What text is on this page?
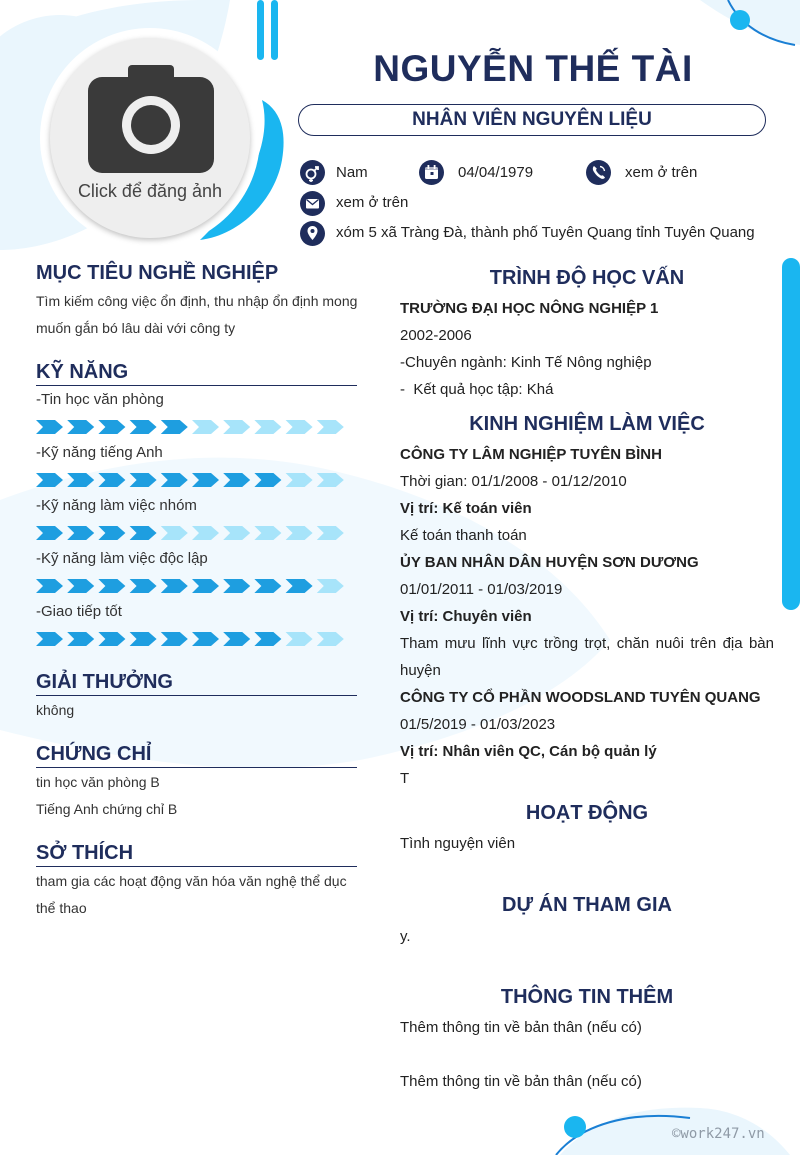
Click để đăng ảnh
NGUYỄN THẾ TÀI
NHÂN VIÊN NGUYÊN LIỆU
Nam	04/04/1979	xem ở trên
xem ở trên
xóm 5 xã Tràng Đà, thành phố Tuyên Quang tỉnh Tuyên Quang
MỤC TIÊU NGHỀ NGHIỆP
Tìm kiếm công việc ổn định, thu nhập ổn định mong muốn gắn bó lâu dài với công ty
KỸ NĂNG
GIẢI THƯỞNG
không
CHỨNG CHỈ
tin học văn phòng B
Tiếng Anh chứng chỉ B
SỞ THÍCH
tham gia các hoạt động văn hóa văn nghệ thể dục thể thao
TRÌNH ĐỘ HỌC VẤN
TRƯỜNG ĐẠI HỌC NÔNG NGHIỆP 1
2002-2006
-Chuyên ngành: Kinh Tế Nông nghiệp
-  Kết quả học tập: Khá
KINH NGHIỆM LÀM VIỆC
CÔNG TY LÂM NGHIỆP TUYÊN BÌNH
Thời gian: 01/1/2008 - 01/12/2010
Vị trí: Kế toán viên
Kế toán thanh toán
ỦY BAN NHÂN DÂN HUYỆN SƠN DƯƠNG
01/01/2011 - 01/03/2019
Vị trí: Chuyên viên
Tham mưu lĩnh vực trồng trọt, chăn nuôi trên địa bàn huyện
CÔNG TY CỔ PHẦN WOODSLAND TUYÊN QUANG
01/5/2019 - 01/03/2023
Vị trí: Nhân viên QC, Cán bộ quản lý
T
HOẠT ĐỘNG
Tình nguyện viên
DỰ ÁN THAM GIA
y.
THÔNG TIN THÊM
Thêm thông tin về bản thân (nếu có)
Thêm thông tin về bản thân (nếu có)
©work247.vn
-Tin học văn phòng
-Kỹ năng tiếng Anh
-Kỹ năng làm việc nhóm
-Kỹ năng làm việc độc lập
-Giao tiếp tốt
